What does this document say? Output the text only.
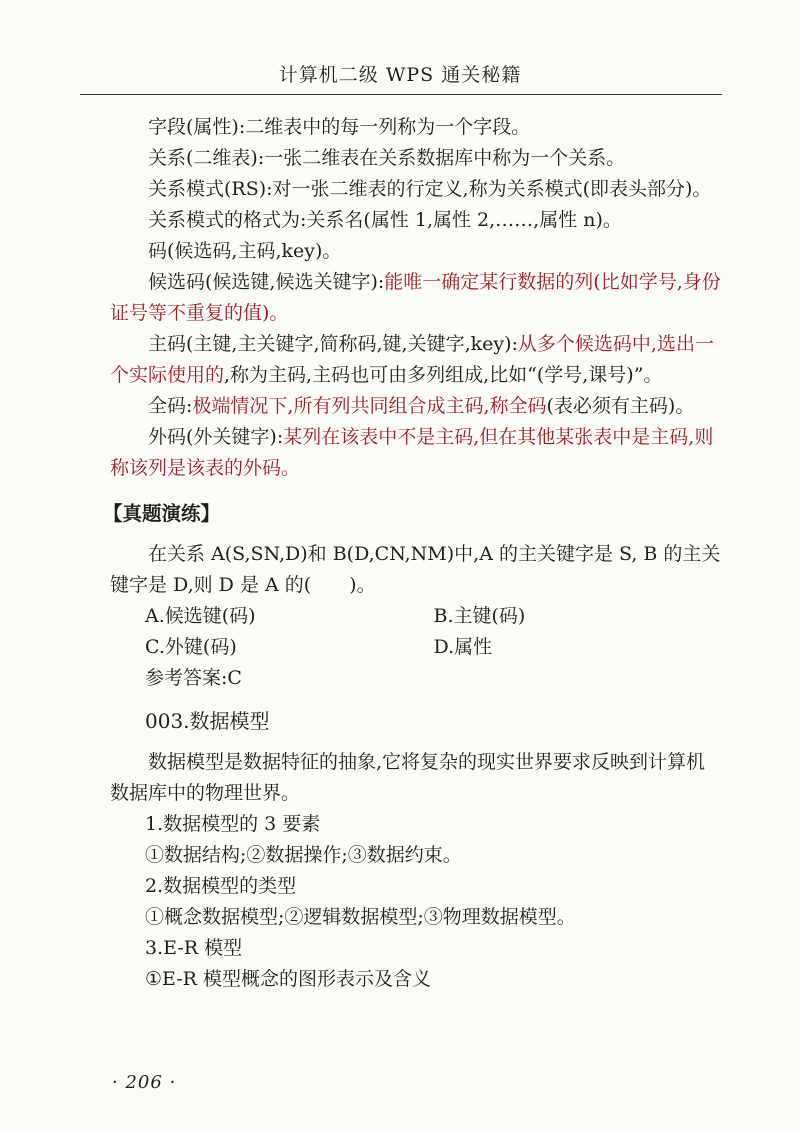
计算机二级 WPS 通关秘籍

字段(属性):二维表中的每一列称为一个字段。

关系(二维表):一张二维表在关系数据库中称为一个关系。

关系模式(RS):对一张二维表的行定义,称为关系模式(即表头部分)。

关系模式的格式为:关系名(属性 1,属性 2,……,属性 n)。

码(候选码,主码,key)。

候选码(候选键,候选关键字):能唯一确定某行数据的列(比如学号,身份证号等不重复的值)。

主码(主键,主关键字,简称码,键,关键字,key):从多个候选码中,选出一个实际使用的,称为主码,主码也可由多列组成,比如“(学号,课号)”。

全码:极端情况下,所有列共同组合成主码,称全码(表必须有主码)。

外码(外关键字):某列在该表中不是主码,但在其他某张表中是主码,则称该列是该表的外码。

【真题演练】

在关系 A(S,SN,D)和 B(D,CN,NM)中,A 的主关键字是 S, B 的主关键字是 D,则 D 是 A 的(　　)。

A.候选键(码)	B.主键(码)
C.外键(码)	D.属性

参考答案:C

003.数据模型

数据模型是数据特征的抽象,它将复杂的现实世界要求反映到计算机数据库中的物理世界。

1.数据模型的 3 要素

①数据结构;②数据操作;③数据约束。

2.数据模型的类型

①概念数据模型;②逻辑数据模型;③物理数据模型。

3.E-R 模型

①E-R 模型概念的图形表示及含义

· 206 ·
